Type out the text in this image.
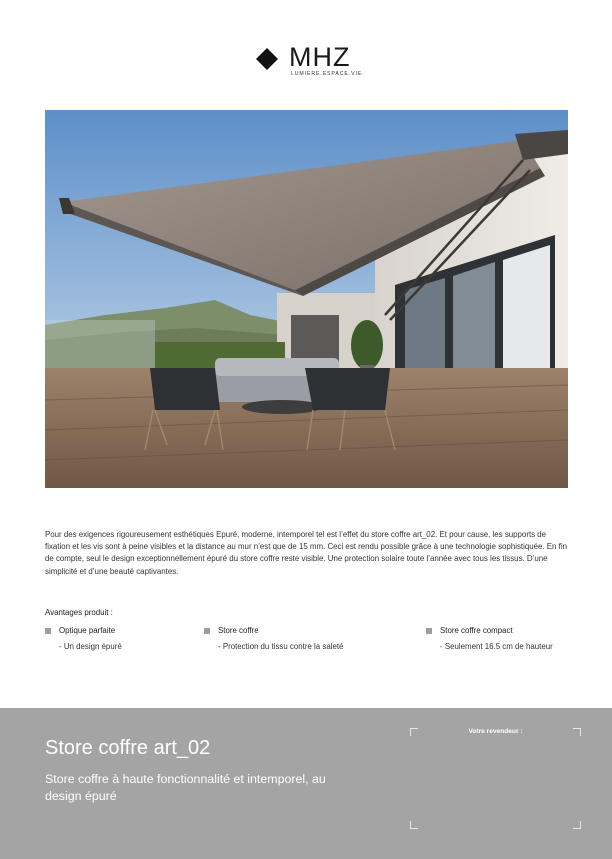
MHZ
LUMIERE.ESPACE.VIE.

Pour des exigences rigoureusement esthétiques Epuré, moderne, intemporel tel est l’effet du store coffre art_02. Et pour cause, les supports de fixation et les vis sont à peine visibles et la distance au mur n’est que de 15 mm. Ceci est rendu possible grâce à une technologie sophistiquée. En fin de compte, seul le design exceptionnellement épuré du store coffre reste visible. Une protection solaire toute l’année avec tous les tissus. D’une simplicité et d’une beauté captivantes.

Avantages produit :
Optique parfaite
- Un design épuré
Store coffre
- Protection du tissu contre la saleté
Store coffre compact
- Seulement 16.5 cm de hauteur
Store coffre art_02
Store coffre à haute fonctionnalité et intemporel, au design épuré
Votre revendeur :
